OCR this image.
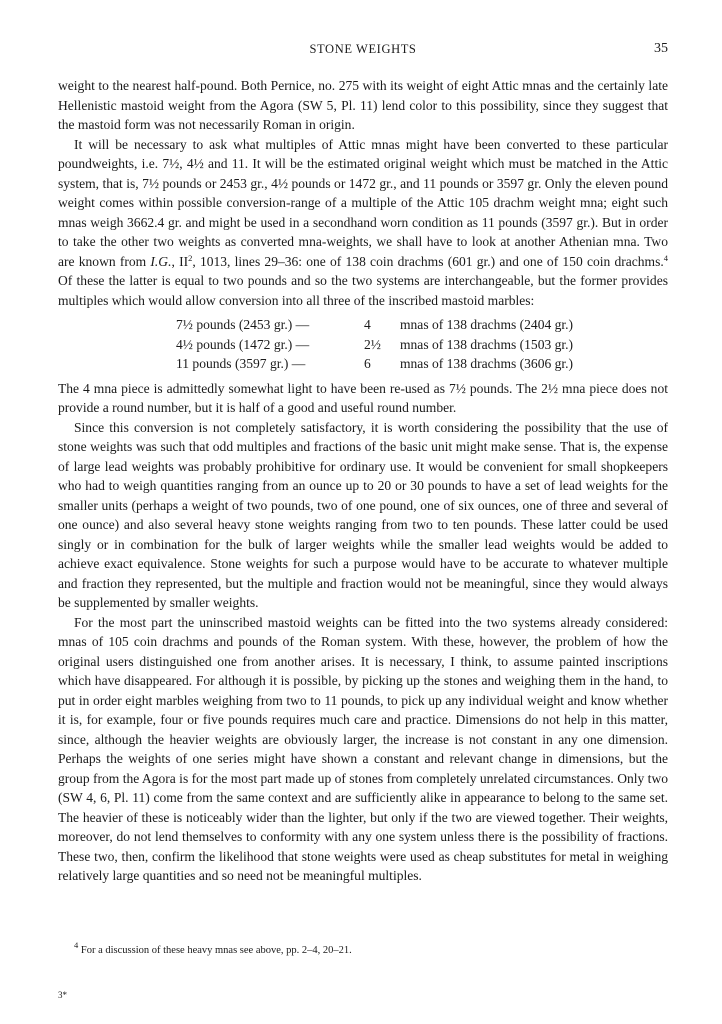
STONE WEIGHTS	35

weight to the nearest half-pound. Both Pernice, no. 275 with its weight of eight Attic mnas and the certainly late Hellenistic mastoid weight from the Agora (SW 5, Pl. 11) lend color to this possibility, since they suggest that the mastoid form was not necessarily Roman in origin.

It will be necessary to ask what multiples of Attic mnas might have been converted to these particular poundweights, i.e. 7½, 4½ and 11. It will be the estimated original weight which must be matched in the Attic system, that is, 7½ pounds or 2453 gr., 4½ pounds or 1472 gr., and 11 pounds or 3597 gr. Only the eleven pound weight comes within possible conversion-range of a multiple of the Attic 105 drachm weight mna; eight such mnas weigh 3662.4 gr. and might be used in a secondhand worn condition as 11 pounds (3597 gr.). But in order to take the other two weights as converted mna-weights, we shall have to look at another Athenian mna. Two are known from I.G., $II^2$, 1013, lines 29–36: one of 138 coin drachms (601 gr.) and one of 150 coin drachms.$^4$ Of these the latter is equal to two pounds and so the two systems are interchangeable, but the former provides multiples which would allow conversion into all three of the inscribed mastoid marbles:

7½ pounds (2453 gr.) —	4	mnas of 138 drachms (2404 gr.)
4½ pounds (1472 gr.) —	2½	mnas of 138 drachms (1503 gr.)
11 pounds (3597 gr.) —	6	mnas of 138 drachms (3606 gr.)

The 4 mna piece is admittedly somewhat light to have been re-used as 7½ pounds. The 2½ mna piece does not provide a round number, but it is half of a good and useful round number.

Since this conversion is not completely satisfactory, it is worth considering the possibility that the use of stone weights was such that odd multiples and fractions of the basic unit might make sense. That is, the expense of large lead weights was probably prohibitive for ordinary use. It would be convenient for small shopkeepers who had to weigh quantities ranging from an ounce up to 20 or 30 pounds to have a set of lead weights for the smaller units (perhaps a weight of two pounds, two of one pound, one of six ounces, one of three and several of one ounce) and also several heavy stone weights ranging from two to ten pounds. These latter could be used singly or in combination for the bulk of larger weights while the smaller lead weights would be added to achieve exact equivalence. Stone weights for such a purpose would have to be accurate to whatever multiple and fraction they represented, but the multiple and fraction would not be meaningful, since they would always be supplemented by smaller weights.

For the most part the uninscribed mastoid weights can be fitted into the two systems already considered: mnas of 105 coin drachms and pounds of the Roman system. With these, however, the problem of how the original users distinguished one from another arises. It is necessary, I think, to assume painted inscriptions which have disappeared. For although it is possible, by picking up the stones and weighing them in the hand, to put in order eight marbles weighing from two to 11 pounds, to pick up any individual weight and know whether it is, for example, four or five pounds requires much care and practice. Dimensions do not help in this matter, since, although the heavier weights are obviously larger, the increase is not constant in any one dimension. Perhaps the weights of one series might have shown a constant and relevant change in dimensions, but the group from the Agora is for the most part made up of stones from completely unrelated circumstances. Only two (SW 4, 6, Pl. 11) come from the same context and are sufficiently alike in appearance to belong to the same set. The heavier of these is noticeably wider than the lighter, but only if the two are viewed together. Their weights, moreover, do not lend themselves to conformity with any one system unless there is the possibility of fractions. These two, then, confirm the likelihood that stone weights were used as cheap substitutes for metal in weighing relatively large quantities and so need not be meaningful multiples.

$^4$ For a discussion of these heavy mnas see above, pp. 2–4, 20–21.
3*
